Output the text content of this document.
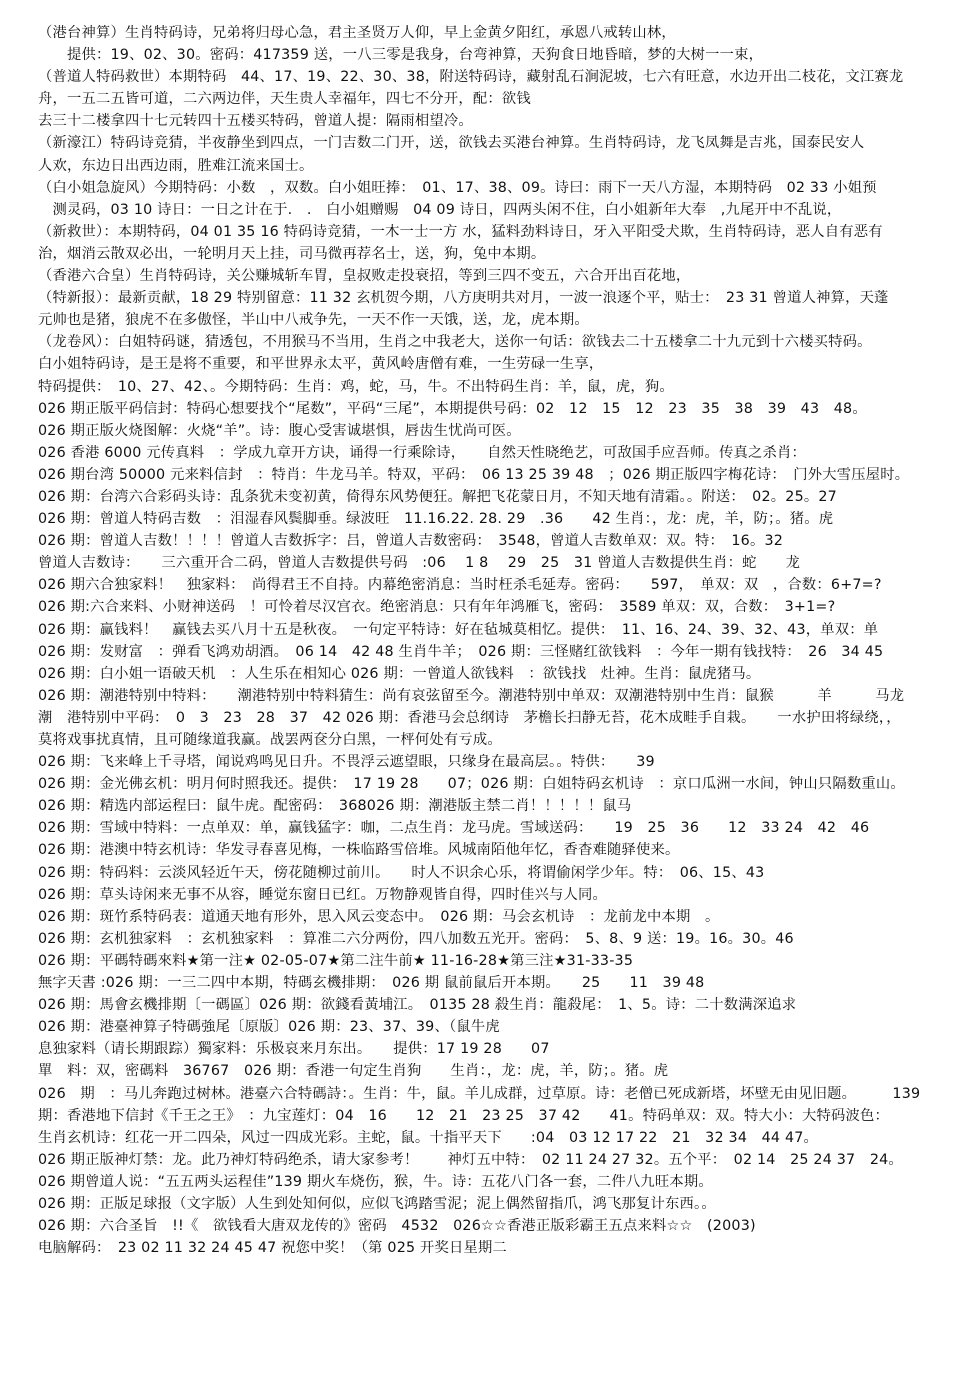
（港台神算）生肖特码诗，兄弟将归母心急，君主圣贤万人仰，早上金黄夕阳红，承恩八戒转山林，
　　提供：19、02、30。密码：417359 送，一八三零是我身，台弯神算，天狗食日地昏暗，梦的大树一一束，
（普道人特码救世）本期特码　44、17、19、22、30、38，附送特码诗，藏射乱石涧泥坡，七六有旺意，水边开出二枝花，文江赛龙
舟，一五二五皆可道，二六两边伴，天生贵人幸福年，四七不分开，配：欲钱
去三十二楼拿四十七元转四十五楼买特码，曾道人提：隔雨相望冷。
（新濠江）特码诗竞猜，半夜静坐到四点，一门吉数二门开，送，欲钱去买港台神算。生肖特码诗，龙飞凤舞是吉兆，国泰民安人
人欢，东边日出西边雨，胜难江流来国士。
（白小姐急旋风）今期特码：小数　，双数。白小姐旺捧：　01、17、38、09。诗曰：雨下一天八方湿，本期特码　02 33 小姐预
　测灵码，03 10 诗日：一日之计在于.　.　白小姐赠赐　04 09 诗日，四两头闲不住，白小姐新年大奉　,九尾开中不乱说，
（新救世）：本期特码，04 01 35 16 特码诗竞猜，一木一士一方 水，猛料劲料诗日，牙入平阳受犬欺，生肖特码诗，恶人自有恶有
治，烟消云散双必出，一轮明月天上挂，司马微再荐名士，送，狗，兔中本期。
（香港六合皇）生肖特码诗，关公赚城斩车胃，皇叔败走投衰招，等到三四不变五，六合开出百花地，
（特新报）：最新贡献，18 29 特别留意：11 32 玄机贺今期，八方庚明共对月，一波一浪逐个平，贴士：　23 31 曾道人神算，天蓬
元帅也是猪，狼虎不在多傲怪，半山中八戒争先，一天不作一天饿，送，龙，虎本期。
（龙卷风）：白姐特码谜，猜透包，不用猴马不当用，生肖之中我老大，送你一句话：欲钱去二十五楼拿二十九元到十六楼买特码。
白小姐特码诗，是王是将不重要，和平世界永太平，黄风岭唐僧有难，一生劳碌一生享，
特码提供：　10、27、42、。今期特码：生肖：鸡，蛇，马，牛。不出特码生肖：羊，鼠，虎，狗。
026 期正版平码信封：特码心想要找个“尾数”，平码“三尾”，本期提供号码：02　12　15　12　23　35　38　39　43　48。
026 期正版火烧图解：火烧“羊”。诗：腹心受害诚堪惧，唇齿生忧尚可医。
026 香港 6000 元传真料　：学成九章开方诀，诵得一行乘除诗，　　自然天性晓绝艺，可敌国手应吾师。传真之杀肖：
026 期台湾 50000 元来料信封　：特肖：牛龙马羊。特双，平码：　06 13 25 39 48　；026 期正版四字梅花诗：　门外大雪压屋时。
026 期：台湾六合彩码头诗：乱条犹未变初黄，倚得东风势便狂。解把飞花蒙日月，不知天地有清霜。。附送：　02。25。27
026 期：曾道人特码吉数　：泪湿春风鬓脚垂。绿波旺　11.16.22. 28. 29　.36　　42 生肖：，龙：虎，羊，防；。猪。虎
026 期：曾道人吉数！！！！曾道人吉数拆字：吕，曾道人吉数密码：　3548，曾道人吉数单双：双。特：　16。32
曾道人吉数诗：　　三六重开合二码，曾道人吉数提供号码　:06　 1 8　 29　25　31 曾道人吉数提供生肖：蛇　　龙
026 期六合独家料！　独家料：　尚得君王不自持。内幕绝密消息：当时枉杀毛延寿。密码：　　597，　单双：双　，合数：6+7=?
026 期:六合来料、小财神送码　！可怜着尽汉宫衣。绝密消息：只有年年鸿雁飞，密码：　3589 单双：双，合数：　3+1=?
026 期：赢钱料！　赢钱去买八月十五是秋夜。　一句定平特诗：好在毡城莫相忆。提供：　11、16、24、39、32、43，单双：单
026 期：发财富　：弹看飞鸿劝胡酒。　06 14　42 48 生肖牛羊；　026 期：三怪赌红欲钱料　：今年一期有钱找特：　26　34 45
026 期：白小姐一语破天机　：人生乐在相知心 026 期：一曾道人欲钱料　：欲钱找　灶神。生肖：鼠虎猪马。
026 期：潮港特别中特料：　　潮港特别中特料猜生：尚有哀弦留至今。潮港特别中单双：双潮港特别中生肖：鼠猴　　　羊　　　马龙
潮　港特别中平码：　0　3　23　28　37　42 026 期：香港马会总纲诗　茅檐长扫静无苔，花木成畦手自栽。　　一水护田将绿绕，，
莫将戏事扰真情，且可随缘道我赢。战罢两奁分白黑，一枰何处有亏成。
026 期：飞来峰上千寻塔，闻说鸡鸣见日升。不畏浮云遮望眼，只缘身在最高层。。特供：　　39
026 期：金光佛玄机：明月何时照我还。提供：　17 19 28　　07；026 期：白姐特码玄机诗　：京口瓜洲一水间，钟山只隔数重山。
026 期：精选内部运程曰：鼠牛虎。配密码：　368026 期：潮港版主禁二肖！！！！！鼠马
026 期：雪域中特料：一点单双：单，赢钱猛字：咖，二点生肖：龙马虎。雪域送码：　　19　25　36　　12　33 24　42　46
026 期：港澳中特玄机诗：华发寻春喜见梅，一株临路雪倍堆。风城南陌他年忆，香杳难随驿使来。
026 期：特码料：云淡风轻近午天，傍花随柳过前川。　　时人不识余心乐，将谓偷闲学少年。特：　06、15、43
026 期：草头诗闲来无事不从容，睡觉东窗日已红。万物静观皆自得，四时佳兴与人同。
026 期：斑竹系特码表：道通天地有形外，思入风云变态中。　026 期：马会玄机诗　：龙前龙中本期　。
026 期：玄机独家料　：玄机独家料　：算准二六分两份，四八加数五光开。密码：　5、8、9 送：19。16。30。46
026 期：平碼特碼來料★第一注★ 02-05-07★第二注牛前★ 11-16-28★第三注★31-33-35
無字天書 :026 期：一三二四中本期，特碼玄機排期：　026 期 鼠前鼠后开本期。　　25　　11　39 48
026 期：馬會玄機排期〔一碼區〕026 期：欲錢看黃埔江。　0135 28 殺生肖：龍殺尾：　1、5。诗：二十数满深追求
026 期：港臺神算子特碼強尾〔原版〕026 期：23、37、39、（鼠牛虎
息独家料（请长期跟踪）獨家料：乐极哀来月东出。　　提供：17 19 28　　07
單　料：双，密碼料　36767　026 期：香港一句定生肖狗　　生肖：，龙：虎，羊，防；。猪。虎
026　期　：马儿奔跑过树林。港臺六合特碼詩：。生肖：牛，鼠。羊儿成群，过草原。诗：老僧已死成新塔，坏壁无由见旧题。　　　139
期：香港地下信封《千王之王》　：九宝莲灯：04　16　　12　21　23 25　37 42　　41。特码单双：双。特大小：大特码波色：
生肖玄机诗：红花一开二四朵，风过一四成光彩。主蛇，鼠。十指平天下　　:04　03 12 17 22　21　32 34　44 47。
026 期正版神灯禁：龙。此乃神灯特码绝杀，请大家参考！　　神灯五中特：　02 11 24 27 32。五个平：　02 14　25 24 37　24。
026 期曾道人说：“五五两头运程佳”139 期火车烧伤，猴，牛。诗：五花八门各一套，二件八九旺本期。
026 期：正版足球报（文字版）人生到处知何似，应似飞鸿踏雪泥；泥上偶然留指爪，鸿飞那复计东西。。
026 期：六合圣旨　!!《　欲钱看大唐双龙传的》密码　4532　026☆☆香港正版彩霸王五点来料☆☆　(2003)
电脑解码：　23 02 11 32 24 45 47 祝您中奖！（第 025 开奖日星期二
